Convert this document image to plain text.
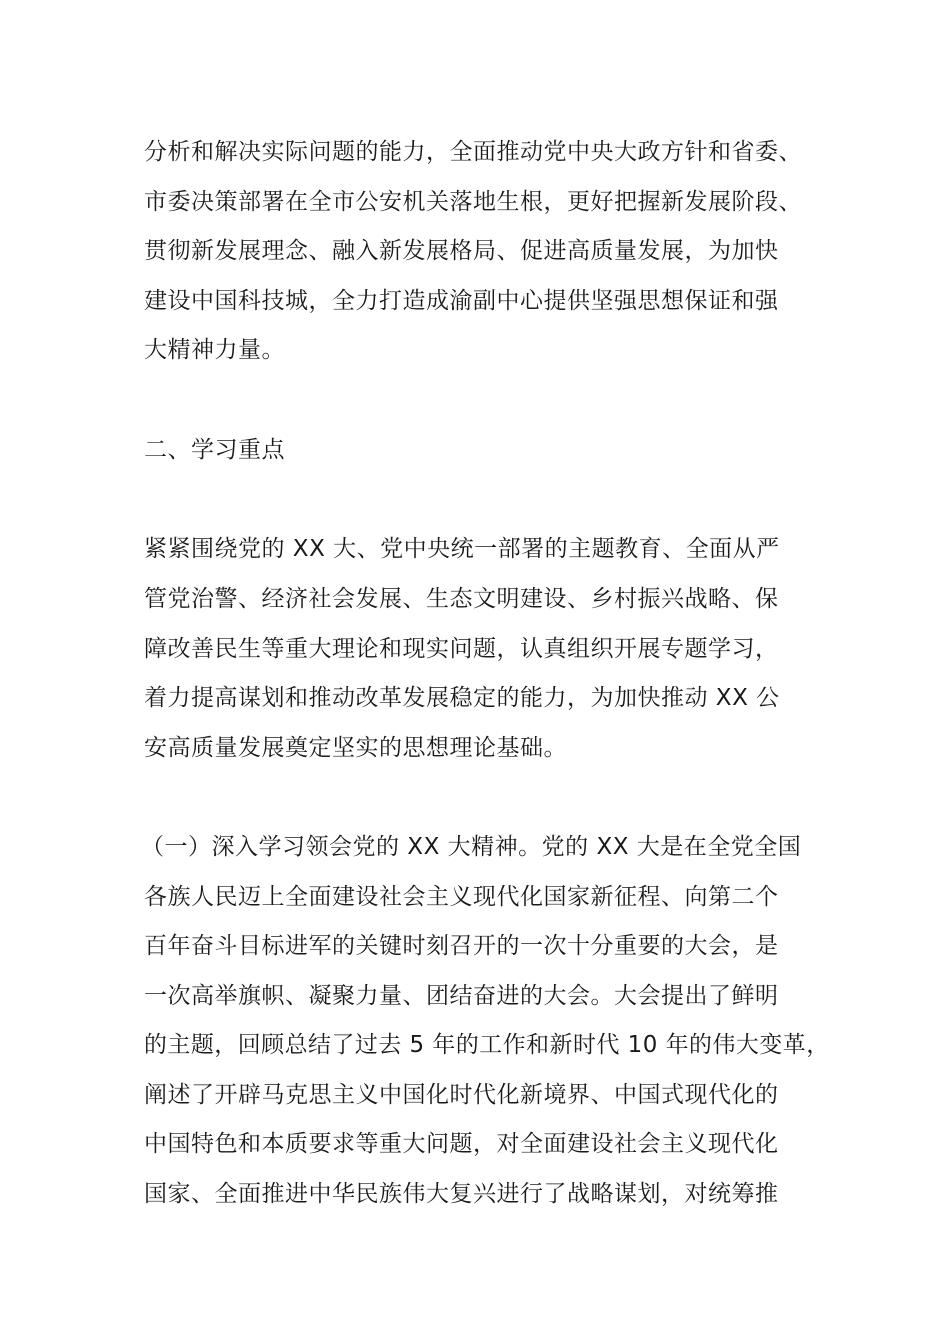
分析和解决实际问题的能力，全面推动党中央大政方针和省委、
市委决策部署在全市公安机关落地生根，更好把握新发展阶段、
贯彻新发展理念、融入新发展格局、促进高质量发展，为加快
建设中国科技城，全力打造成渝副中心提供坚强思想保证和强
大精神力量。
二、学习重点
紧紧围绕党的 XX 大、党中央统一部署的主题教育、全面从严
管党治警、经济社会发展、生态文明建设、乡村振兴战略、保
障改善民生等重大理论和现实问题，认真组织开展专题学习，
着力提高谋划和推动改革发展稳定的能力，为加快推动 XX 公
安高质量发展奠定坚实的思想理论基础。
（一）深入学习领会党的 XX 大精神。党的 XX 大是在全党全国
各族人民迈上全面建设社会主义现代化国家新征程、向第二个
百年奋斗目标进军的关键时刻召开的一次十分重要的大会，是
一次高举旗帜、凝聚力量、团结奋进的大会。大会提出了鲜明
的主题，回顾总结了过去 5 年的工作和新时代 10 年的伟大变革，
阐述了开辟马克思主义中国化时代化新境界、中国式现代化的
中国特色和本质要求等重大问题，对全面建设社会主义现代化
国家、全面推进中华民族伟大复兴进行了战略谋划，对统筹推
